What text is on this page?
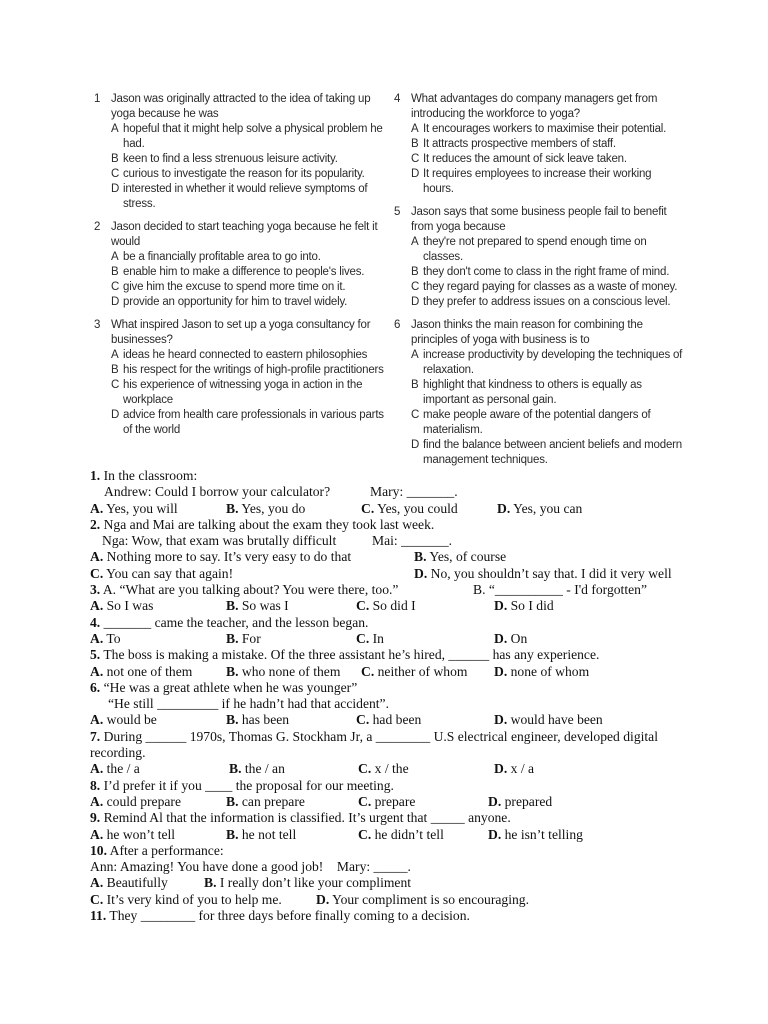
1 Jason was originally attracted to the idea of taking up yoga because he was
A hopeful that it might help solve a physical problem he had.
B keen to find a less strenuous leisure activity.
C curious to investigate the reason for its popularity.
D interested in whether it would relieve symptoms of stress.
2 Jason decided to start teaching yoga because he felt it would
A be a financially profitable area to go into.
B enable him to make a difference to people's lives.
C give him the excuse to spend more time on it.
D provide an opportunity for him to travel widely.
3 What inspired Jason to set up a yoga consultancy for businesses?
A ideas he heard connected to eastern philosophies
B his respect for the writings of high-profile practitioners
C his experience of witnessing yoga in action in the workplace
D advice from health care professionals in various parts of the world
4 What advantages do company managers get from introducing the workforce to yoga?
A It encourages workers to maximise their potential.
B It attracts prospective members of staff.
C It reduces the amount of sick leave taken.
D It requires employees to increase their working hours.
5 Jason says that some business people fail to benefit from yoga because
A they're not prepared to spend enough time on classes.
B they don't come to class in the right frame of mind.
C they regard paying for classes as a waste of money.
D they prefer to address issues on a conscious level.
6 Jason thinks the main reason for combining the principles of yoga with business is to
A increase productivity by developing the techniques of relaxation.
B highlight that kindness to others is equally as important as personal gain.
C make people aware of the potential dangers of materialism.
D find the balance between ancient beliefs and modern management techniques.
1. In the classroom:
Andrew: Could I borrow your calculator?	Mary: _______.
A. Yes, you will	B. Yes, you do	C. Yes, you could	D. Yes, you can
2. Nga and Mai are talking about the exam they took last week.
Nga: Wow, that exam was brutally difficult	Mai: _______.
A. Nothing more to say. It’s very easy to do that	B. Yes, of course
C. You can say that again!	D. No, you shouldn’t say that. I did it very well
3. A. “What are you talking about? You were there, too.”	B. “__________ - I'd forgotten”
A. So I was	B. So was I	C. So did I	D. So I did
4. _______ came the teacher, and the lesson began.
A. To	B. For	C. In	D. On
5. The boss is making a mistake. Of the three assistant he’s hired, ______ has any experience.
A. not one of them B. who none of them C. neither of whom D. none of whom
6. “He was a great athlete when he was younger”
“He still _________ if he hadn’t had that accident”.
A. would be	B. has been	C. had been	D. would have been
7. During ______ 1970s, Thomas G. Stockham Jr, a ________ U.S electrical engineer, developed digital recording.
A. the / a	B. the / an	C. x / the	D. x / a
8. I’d prefer it if you ____ the proposal for our meeting.
A. could prepare	B. can prepare	C. prepare	D. prepared
9. Remind Al that the information is classified. It’s urgent that _____ anyone.
A. he won’t tell	B. he not tell	C. he didn’t tell	D. he isn’t telling
10. After a performance:
Ann: Amazing! You have done a good job!    Mary: _____.
A. Beautifully	B. I really don’t like your compliment
C. It’s very kind of you to help me.	D. Your compliment is so encouraging.
11. They ________ for three days before finally coming to a decision.
